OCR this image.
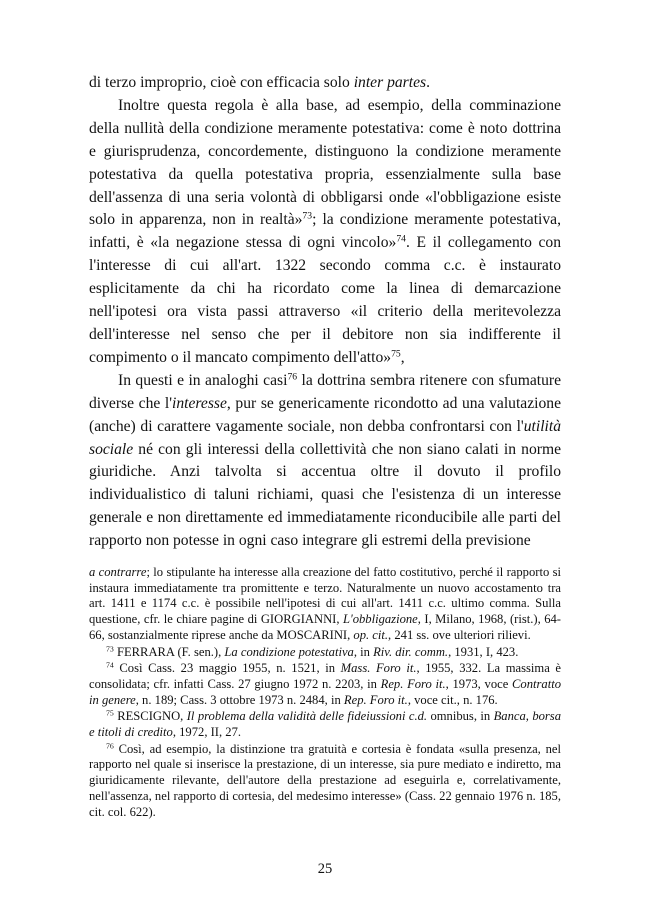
di terzo improprio, cioè con efficacia solo inter partes.

Inoltre questa regola è alla base, ad esempio, della comminazione della nullità della condizione meramente potestativa: come è noto dottrina e giurisprudenza, concordemente, distinguono la condizione meramente potestativa da quella potestativa propria, essenzialmente sulla base dell'assenza di una seria volontà di obbligarsi onde «l'obbligazione esiste solo in apparenza, non in realtà»$^{73}$; la condizione meramente potestativa, infatti, è «la negazione stessa di ogni vincolo»$^{74}$. E il collegamento con l'interesse di cui all'art. 1322 secondo comma c.c. è instaurato esplicitamente da chi ha ricordato come la linea di demarcazione nell'ipotesi ora vista passi attraverso «il criterio della meritevolezza dell'interesse nel senso che per il debitore non sia indifferente il compimento o il mancato compimento dell'atto»$^{75}$,

In questi e in analoghi casi$^{76}$ la dottrina sembra ritenere con sfumature diverse che l'interesse, pur se genericamente ricondotto ad una valutazione (anche) di carattere vagamente sociale, non debba confrontarsi con l'utilità sociale né con gli interessi della collettività che non siano calati in norme giuridiche. Anzi talvolta si accentua oltre il dovuto il profilo individualistico di taluni richiami, quasi che l'esistenza di un interesse generale e non direttamente ed immediatamente riconducibile alle parti del rapporto non potesse in ogni caso integrare gli estremi della previsione

a contrarre; lo stipulante ha interesse alla creazione del fatto costitutivo, perché il rapporto si instaura immediatamente tra promittente e terzo. Naturalmente un nuovo accostamento tra art. 1411 e 1174 c.c. è possibile nell'ipotesi di cui all'art. 1411 c.c. ultimo comma. Sulla questione, cfr. le chiare pagine di GIORGIANNI, L'obbligazione, I, Milano, 1968, (rist.), 64-66, sostanzialmente riprese anche da MOSCARINI, op. cit., 241 ss. ove ulteriori rilievi.

$^{73}$ FERRARA (F. sen.), La condizione potestativa, in Riv. dir. comm., 1931, I, 423.

$^{74}$ Così Cass. 23 maggio 1955, n. 1521, in Mass. Foro it., 1955, 332. La massima è consolidata; cfr. infatti Cass. 27 giugno 1972 n. 2203, in Rep. Foro it., 1973, voce Contratto in genere, n. 189; Cass. 3 ottobre 1973 n. 2484, in Rep. Foro it., voce cit., n. 176.

$^{75}$ RESCIGNO, Il problema della validità delle fideiussioni c.d. omnibus, in Banca, borsa e titoli di credito, 1972, II, 27.

$^{76}$ Così, ad esempio, la distinzione tra gratuità e cortesia è fondata «sulla presenza, nel rapporto nel quale si inserisce la prestazione, di un interesse, sia pure mediato e indiretto, ma giuridicamente rilevante, dell'autore della prestazione ad eseguirla e, correlativamente, nell'assenza, nel rapporto di cortesia, del medesimo interesse» (Cass. 22 gennaio 1976 n. 185, cit. col. 622).

25
